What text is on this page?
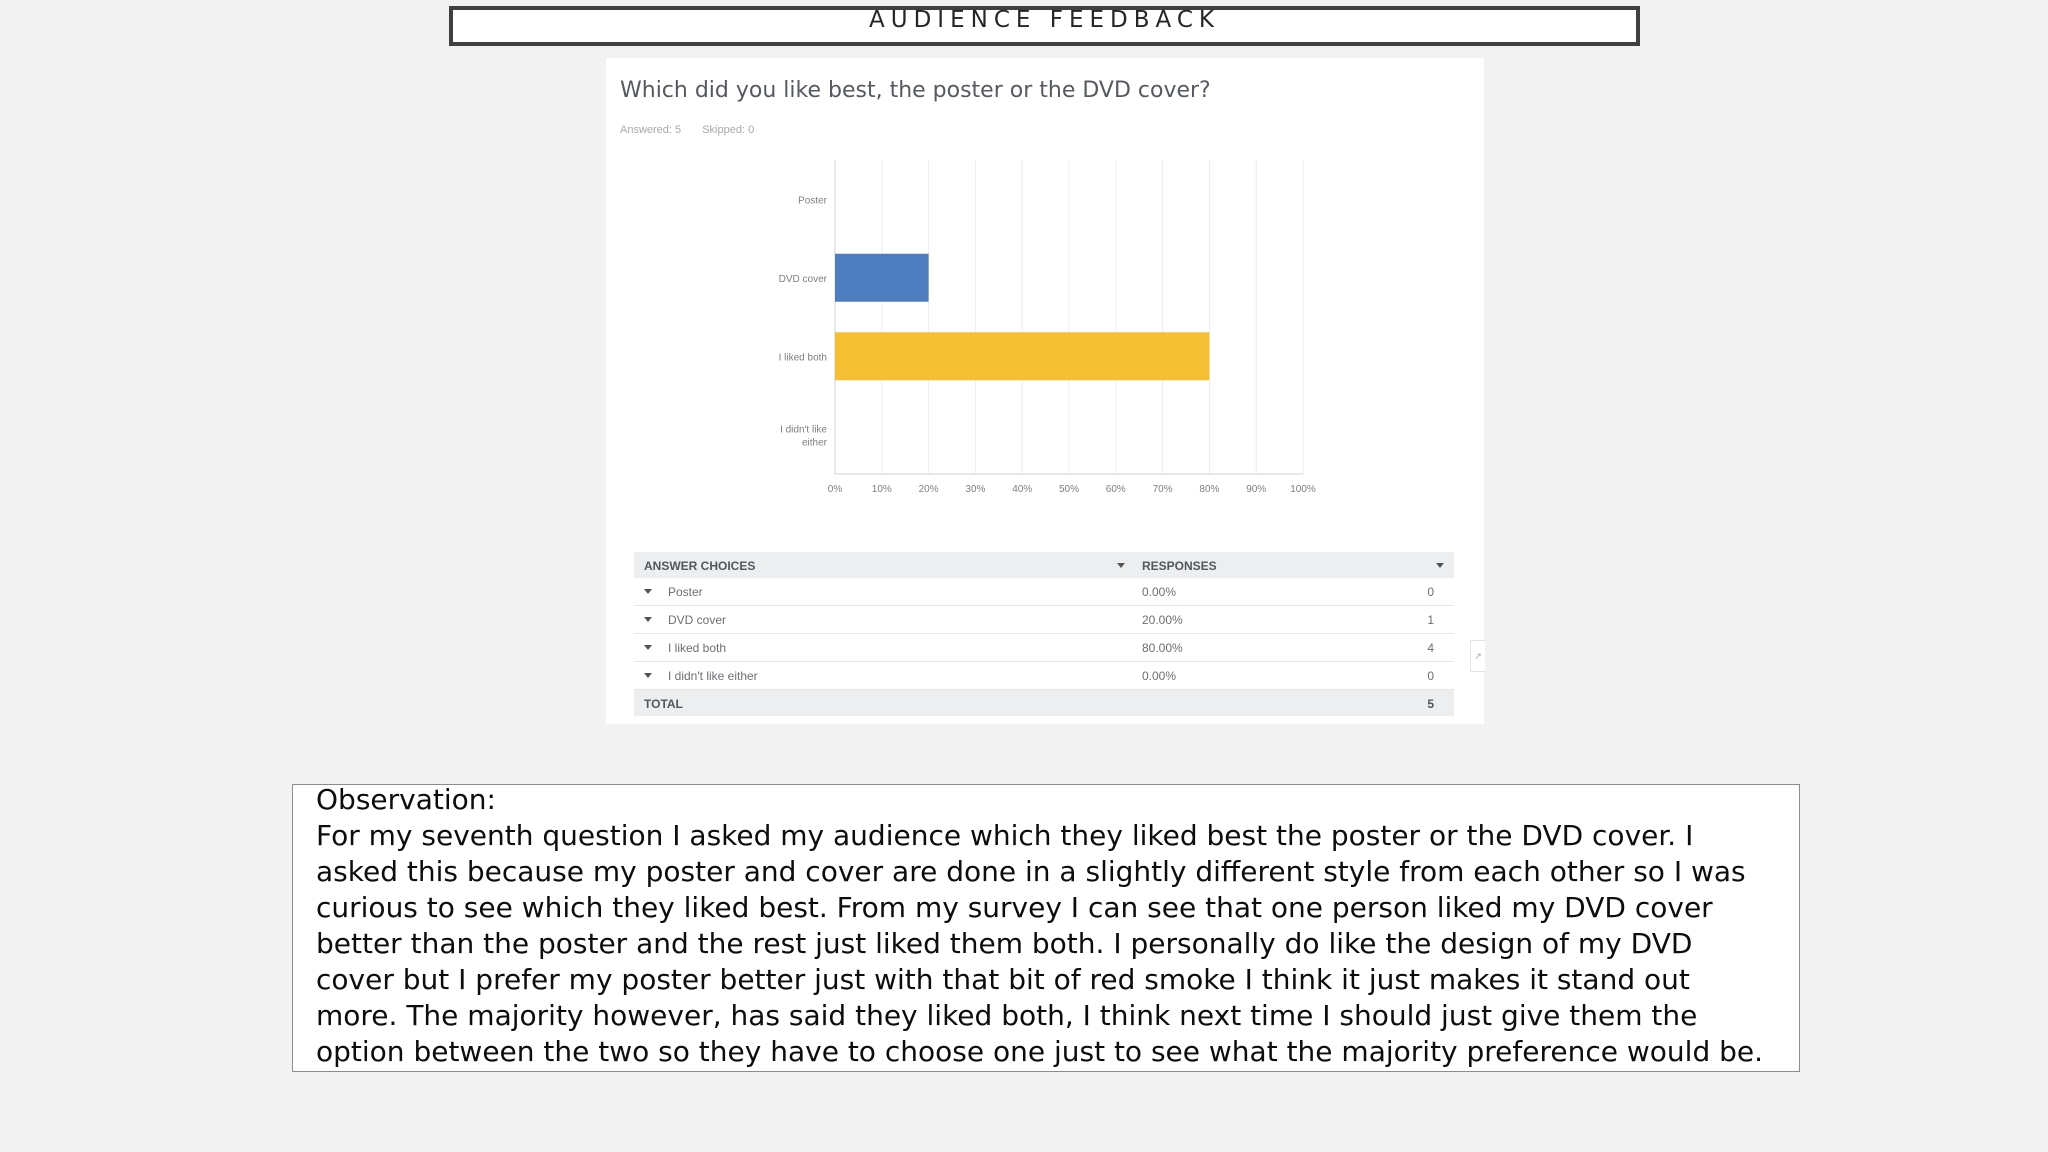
AUDIENCE FEEDBACK
Which did you like best, the poster or the DVD cover?
Answered: 5 Skipped: 0
0%	10%	20%	30%	40%	50%	60%	70%	80%	90% 100%
Poster
DVD cover
I liked both
I didn't like
either
ANSWER CHOICES	RESPONSES
Poster	0.00%	0
DVD cover	20.00%	1
I liked both	80.00%	4
I didn't like either	0.00%	0
TOTAL	5
↗

Observation:

For my seventh question I asked my audience which they liked best the poster or the DVD cover. I asked this because my poster and cover are done in a slightly different style from each other so I was curious to see which they liked best. From my survey I can see that one person liked my DVD cover better than the poster and the rest just liked them both. I personally do like the design of my DVD cover but I prefer my poster better just with that bit of red smoke I think it just makes it stand out more. The majority however, has said they liked both, I think next time I should just give them the option between the two so they have to choose one just to see what the majority preference would be.
